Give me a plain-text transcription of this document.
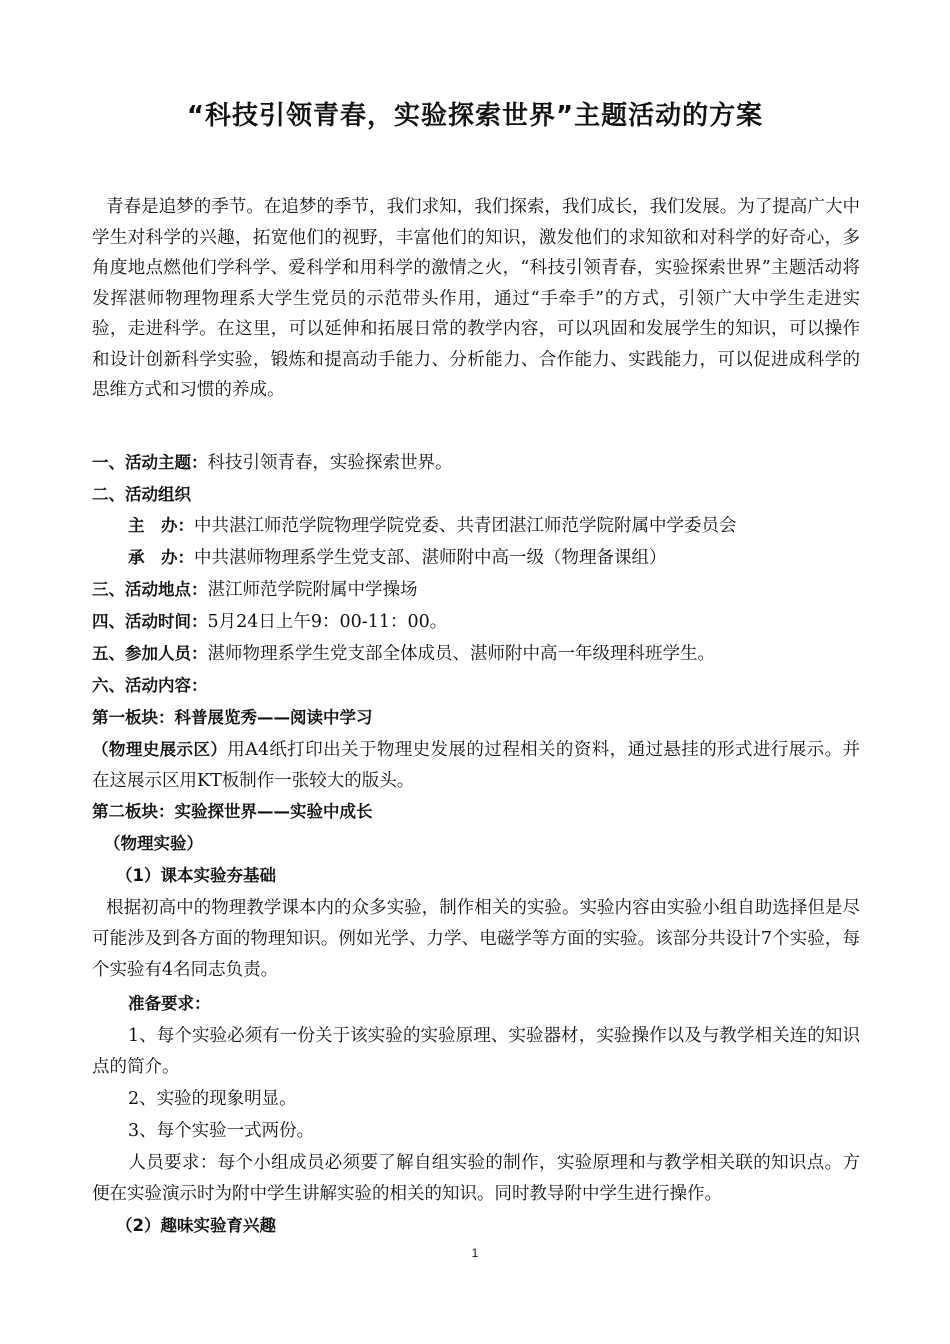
“科技引领青春，实验探索世界”主题活动的方案
青春是追梦的季节。在追梦的季节，我们求知，我们探索，我们成长，我们发展。为了提高广大中学生对科学的兴趣，拓宽他们的视野，丰富他们的知识，激发他们的求知欲和对科学的好奇心，多角度地点燃他们学科学、爱科学和用科学的激情之火，“科技引领青春，实验探索世界”主题活动将发挥湛师物理物理系大学生党员的示范带头作用，通过“手牵手”的方式，引领广大中学生走进实验，走进科学。在这里，可以延伸和拓展日常的教学内容，可以巩固和发展学生的知识，可以操作和设计创新科学实验，锻炼和提高动手能力、分析能力、合作能力、实践能力，可以促进成科学的思维方式和习惯的养成。
一、活动主题：科技引领青春，实验探索世界。
二、活动组织
主　办：中共湛江师范学院物理学院党委、共青团湛江师范学院附属中学委员会
承　办：中共湛师物理系学生党支部、湛师附中高一级（物理备课组）
三、活动地点：湛江师范学院附属中学操场
四、活动时间：5月24日上午9：00-11：00。
五、参加人员：湛师物理系学生党支部全体成员、湛师附中高一年级理科班学生。
六、活动内容：
第一板块：科普展览秀——阅读中学习
（物理史展示区）用A4纸打印出关于物理史发展的过程相关的资料，通过悬挂的形式进行展示。并在这展示区用KT板制作一张较大的版头。
第二板块：实验探世界——实验中成长
（物理实验）
（1）课本实验夯基础
根据初高中的物理教学课本内的众多实验，制作相关的实验。实验内容由实验小组自助选择但是尽可能涉及到各方面的物理知识。例如光学、力学、电磁学等方面的实验。该部分共设计7个实验，每个实验有4名同志负责。
准备要求：
1、每个实验必须有一份关于该实验的实验原理、实验器材，实验操作以及与教学相关连的知识点的简介。
2、实验的现象明显。
3、每个实验一式两份。
人员要求：每个小组成员必须要了解自组实验的制作，实验原理和与教学相关联的知识点。方便在实验演示时为附中学生讲解实验的相关的知识。同时教导附中学生进行操作。
（2）趣味实验育兴趣
1
